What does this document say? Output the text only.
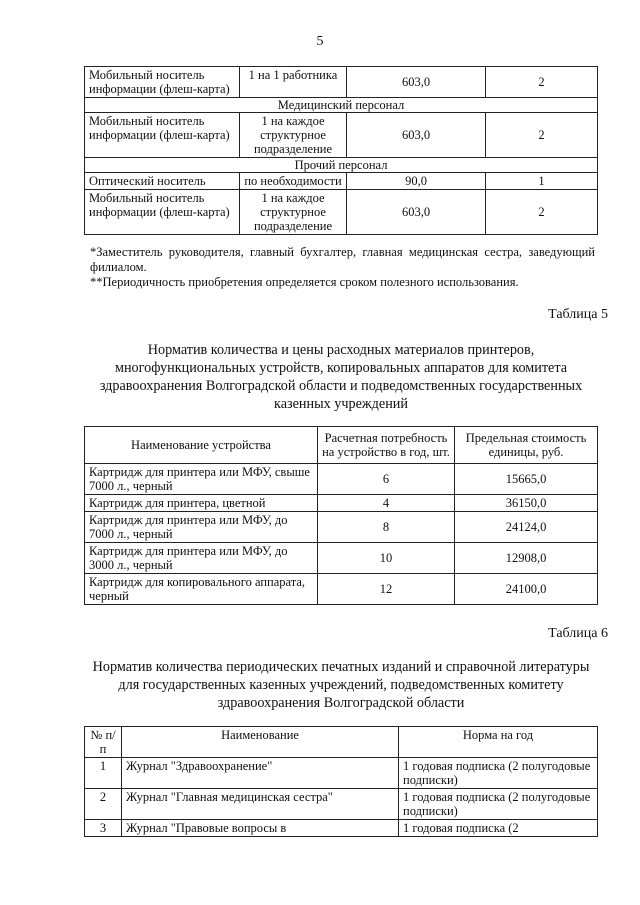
5
Мобильный носитель информации (флеш-карта)	1 на 1 работника	603,0	2
Медицинский персонал			
Мобильный носитель информации (флеш-карта)	1 на каждое структурное подразделение	603,0	2
Прочий персонал			
Оптический носитель	по необходимости	90,0	1
Мобильный носитель информации (флеш-карта)	1 на каждое структурное подразделение	603,0	2

*Заместитель руководителя, главный бухгалтер, главная медицинская сестра, заведующий филиалом.

**Периодичность приобретения определяется сроком полезного использования.

Таблица 5
Норматив количества и цены расходных материалов принтеров, многофункциональных устройств, копировальных аппаратов для комитета здравоохранения Волгоградской области и подведомственных государственных казенных учреждений
Наименование устройства	Расчетная потребность на устройство в год, шт.	Предельная стоимость единицы, руб.
Картридж для принтера или МФУ, свыше 7000 л., черный	6	15665,0
Картридж для принтера, цветной	4	36150,0
Картридж для принтера или МФУ, до 7000 л., черный	8	24124,0
Картридж для принтера или МФУ, до 3000 л., черный	10	12908,0
Картридж для копировального аппарата, черный	12	24100,0
Таблица 6
Норматив количества периодических печатных изданий и справочной литературы для государственных казенных учреждений, подведомственных комитету здравоохранения Волгоградской области
№ п/п	Наименование	Норма на год
1	Журнал "Здравоохранение"	1 годовая подписка (2 полугодовые подписки)
2	Журнал "Главная медицинская сестра"	1 годовая подписка (2 полугодовые подписки)
3	Журнал "Правовые вопросы в	1 годовая подписка (2
